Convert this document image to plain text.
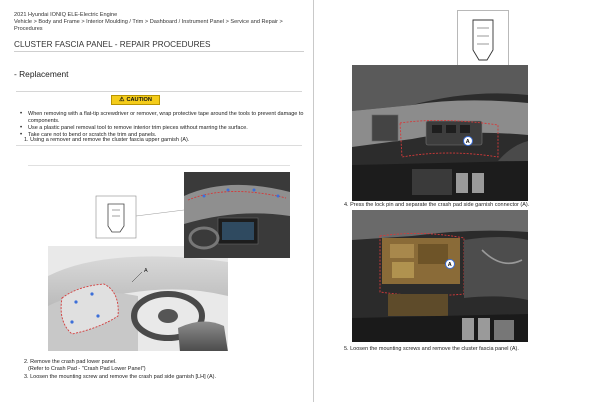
2021 Hyundai IONIQ ELE-Electric Engine
Vehicle > Body and Frame > Interior Moulding / Trim > Dashboard / Instrument Panel > Service and Repair >
Procedures
CLUSTER FASCIA PANEL - REPAIR PROCEDURES
- Replacement
⚠ CAUTION
• When removing with a flat-tip screwdriver or remover, wrap protective tape around the tools to prevent damage to components.
• Use a plastic panel removal tool to remove interior trim pieces without marring the surface.
• Take care not to bend or scratch the trim and panels.
1. Using a remover and remove the cluster fascia upper garnish (A).
A
2. Remove the crash pad lower panel.
(Refer to Crash Pad - "Crash Pad Lower Panel")
3. Loosen the mounting screw and remove the crash pad side garnish [LH] (A).
A
4. Press the lock pin and separate the crash pad side garnish connector (A).
A
5. Loosen the mounting screws and remove the cluster fascia panel (A).
